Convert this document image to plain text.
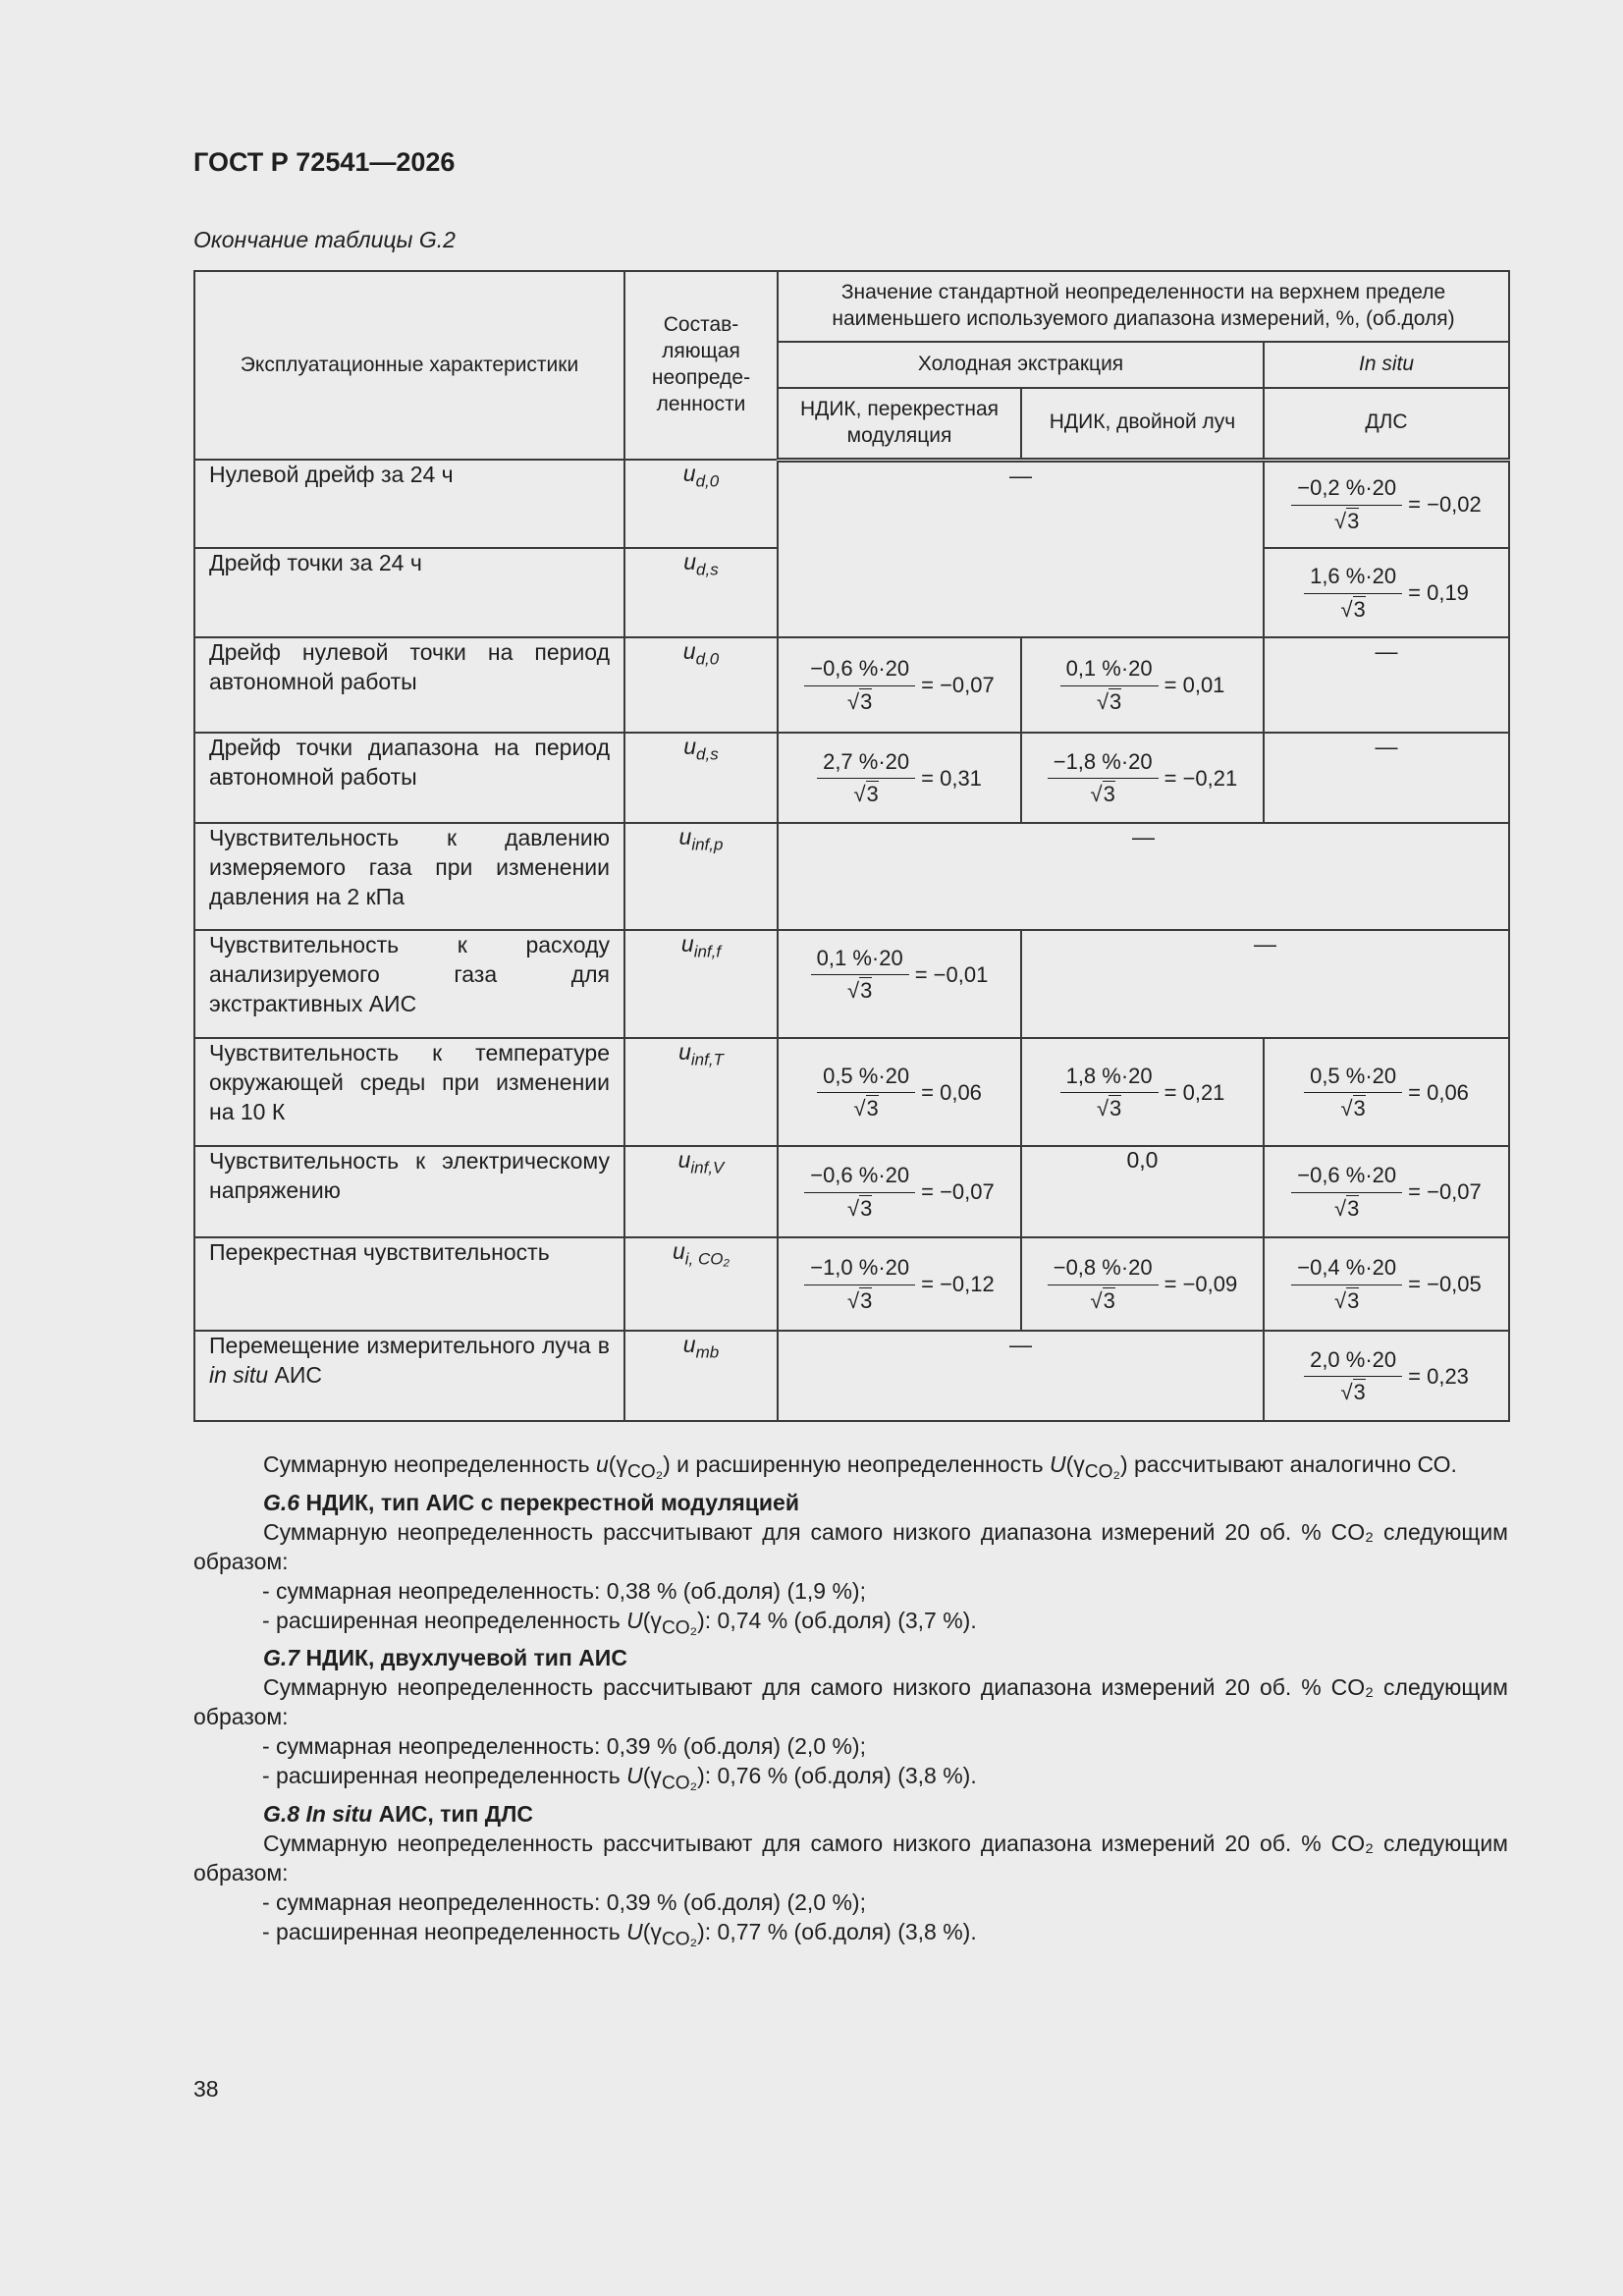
ГОСТ Р 72541—2026
Окончание таблицы G.2
Эксплуатационные характеристики	Состав-ляющая неопреде-ленности	Значение стандартной неопределенности на верхнем пределе наименьшего используемого диапазона измерений, %, (об.доля)		
		Холодная экстракция		In situ
		НДИК, перекрестная модуляция	НДИК, двойной луч	ДЛС
Нулевой дрейф за 24 ч	$u_{d,0}$	—		$\frac{-0,2 \%\cdot 20}{√3} = -0,02$

Дрейф точки за 24 ч	$u_{d,s}$			$\frac{1,6 \%\cdot 20}{√3} = 0,19$

Дрейф нулевой точки на период автономной работы	$u_{d,0}$	$\frac{-0,6 \%\cdot 20}{√3} = -0,07$	$\frac{0,1 \%\cdot 20}{√3} = 0,01$	—
Дрейф точки диапазона на период автономной работы	$u_{d,s}$	$\frac{2,7 \%\cdot 20}{√3} = 0,31$	$\frac{-1,8 \%\cdot 20}{√3} = -0,21$	—
Чувствительность к давлению измеряемого газа при изменении давления на 2 кПа	$u_{inf,p}$	—		
Чувствительность к расходу анализируемого газа для экстрактивных АИС	$u_{inf,f}$	$\frac{0,1 \%\cdot 20}{√3} = -0,01$	—	
Чувствительность к температуре окружающей среды при изменении на 10 К	$u_{inf,T}$	$\frac{0,5 \%\cdot 20}{√3} = 0,06$	$\frac{1,8 \%\cdot 20}{√3} = 0,21$	$\frac{0,5 \%\cdot 20}{√3} = 0,06$

Чувствительность к электрическому напряжению	$u_{inf,V}$	$\frac{-0,6 \%\cdot 20}{√3} = -0,07$	0,0	$\frac{-0,6 \%\cdot 20}{√3} = -0,07$

Перекрестная чувствительность	$u_{i, CO_2}$	$\frac{-1,0 \%\cdot 20}{√3} = -0,12$	$\frac{-0,8 \%\cdot 20}{√3} = -0,09$	$\frac{-0,4 \%\cdot 20}{√3} = -0,05$

Перемещение измерительного луча в in situ АИС	$u_{mb}$	—		$\frac{2,0 \%\cdot 20}{√3} = 0,23$

Суммарную неопределенность $u(\gamma_{CO_2})$ и расширенную неопределенность $U(\gamma_{CO_2})$ рассчитывают аналогично СО.

G.6 НДИК, тип АИС с перекрестной модуляцией

Суммарную неопределенность рассчитывают для самого низкого диапазона измерений 20 об. % CO₂ следующим образом:

- суммарная неопределенность: 0,38 % (об.доля) (1,9 %);

- расширенная неопределенность $U(\gamma_{CO_2})$: 0,74 % (об.доля) (3,7 %).

G.7 НДИК, двухлучевой тип АИС

Суммарную неопределенность рассчитывают для самого низкого диапазона измерений 20 об. % CO₂ следующим образом:

- суммарная неопределенность: 0,39 % (об.доля) (2,0 %);

- расширенная неопределенность $U(\gamma_{CO_2})$: 0,76 % (об.доля) (3,8 %).

G.8 In situ АИС, тип ДЛС

Суммарную неопределенность рассчитывают для самого низкого диапазона измерений 20 об. % CO₂ следующим образом:

- суммарная неопределенность: 0,39 % (об.доля) (2,0 %);

- расширенная неопределенность $U(\gamma_{CO_2})$: 0,77 % (об.доля) (3,8 %).

38
